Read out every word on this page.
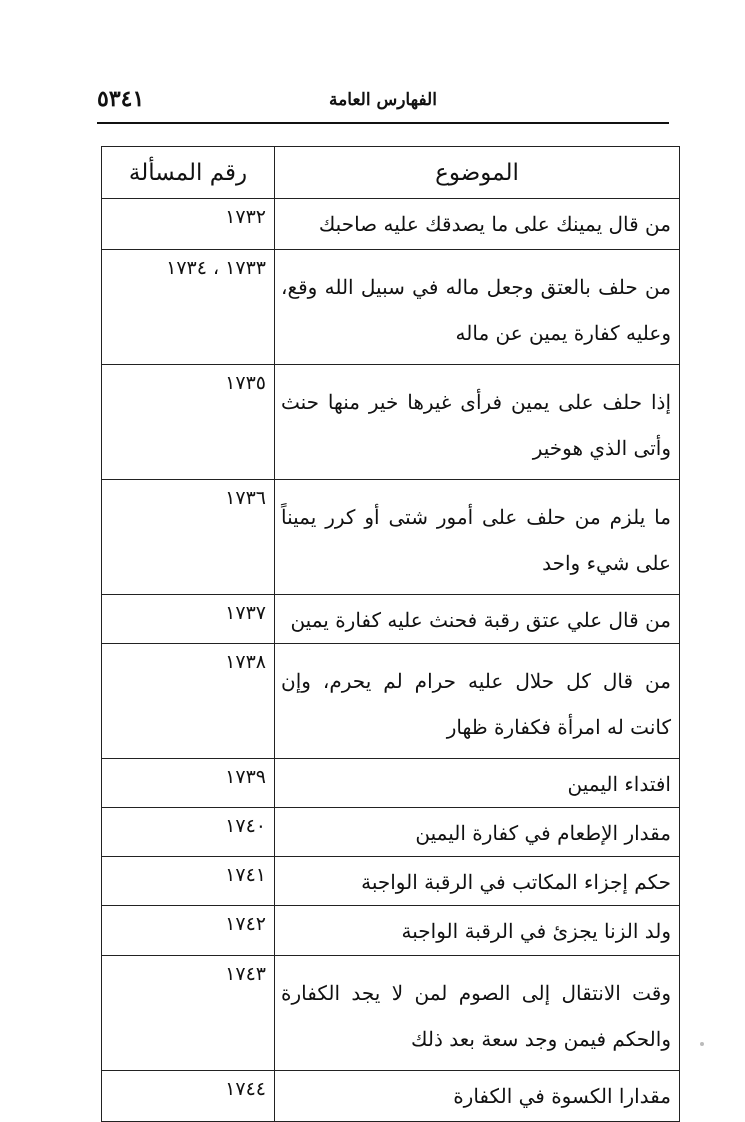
الفهارس العامة
٥٣٤١
الموضوع	رقم المسألة
من قال يمينك على ما يصدقك عليه صاحبك	١٧٣٢
من حلف بالعتق وجعل ماله في سبيل الله وقع، وعليه كفارة يمين عن ماله	١٧٣٣ ، ١٧٣٤
إذا حلف على يمين فرأى غيرها خير منها حنث وأتى الذي هوخير	١٧٣٥
ما يلزم من حلف على أمور شتى أو كرر يميناً على شيء واحد	١٧٣٦
من قال علي عتق رقبة فحنث عليه كفارة يمين	١٧٣٧
من قال كل حلال عليه حرام لم يحرم، وإن كانت له امرأة فكفارة ظهار	١٧٣٨
افتداء اليمين	١٧٣٩
مقدار الإطعام في كفارة اليمين	١٧٤٠
حكم إجزاء المكاتب في الرقبة الواجبة	١٧٤١
ولد الزنا يجزئ في الرقبة الواجبة	١٧٤٢
وقت الانتقال إلى الصوم لمن لا يجد الكفارة والحكم فيمن وجد سعة بعد ذلك	١٧٤٣
مقدارا الكسوة في الكفارة	١٧٤٤
